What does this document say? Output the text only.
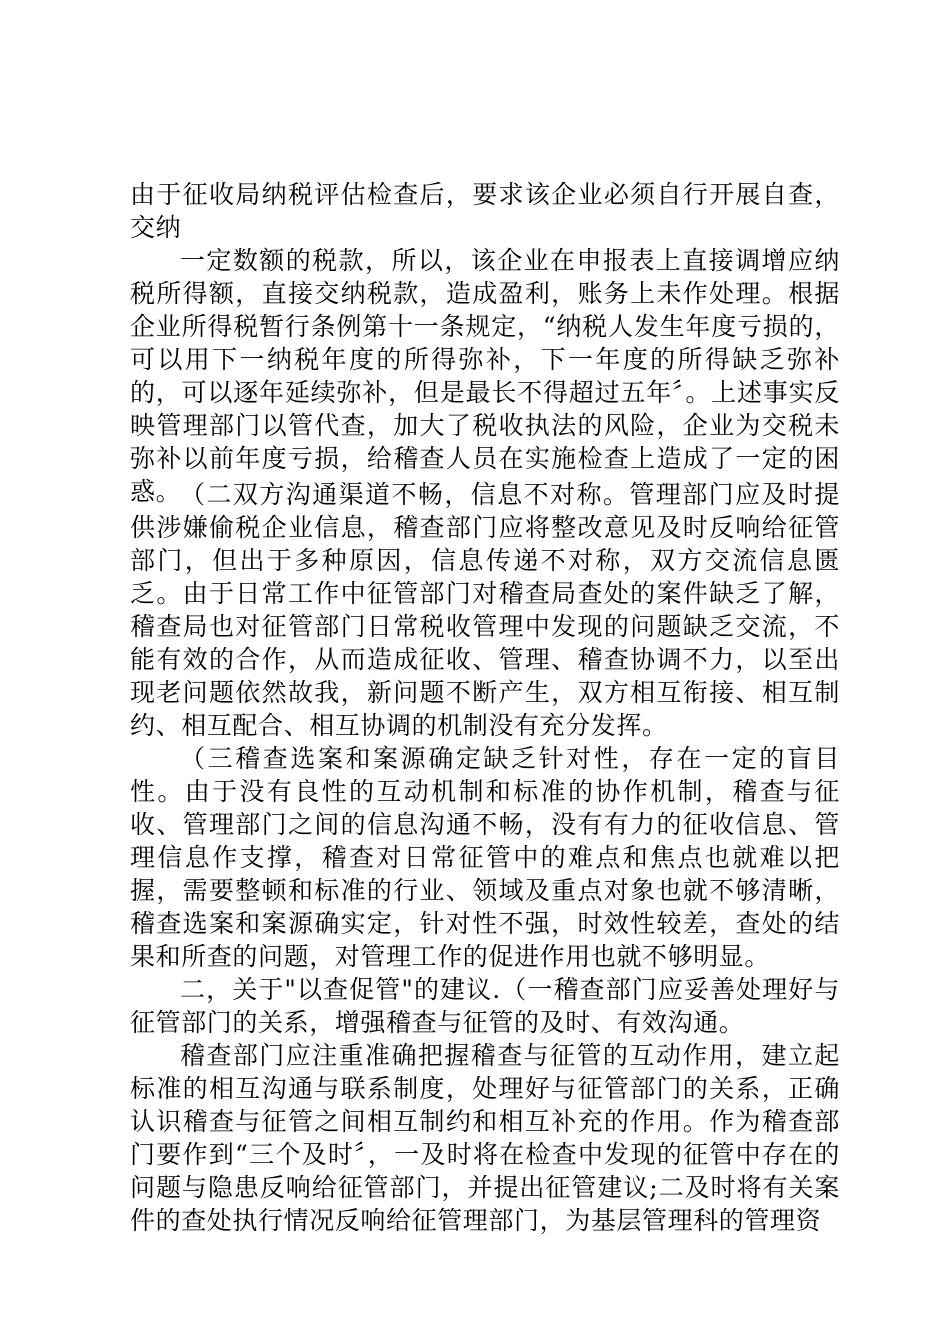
由于征收局纳税评估检查后，要求该企业必须自行开展自查，交纳

一定数额的税款，所以，该企业在申报表上直接调增应纳税所得额，直接交纳税款，造成盈利，账务上未作处理。根据企业所得税暂行条例第十一条规定，“纳税人发生年度亏损的，可以用下一纳税年度的所得弥补，下一年度的所得缺乏弥补的，可以逐年延续弥补，但是最长不得超过五年〞。上述事实反映管理部门以管代查，加大了税收执法的风险，企业为交税未弥补以前年度亏损，给稽查人员在实施检查上造成了一定的困惑。

（二双方沟通渠道不畅，信息不对称。管理部门应及时提供涉嫌偷税企业信息，稽查部门应将整改意见及时反响给征管部门，但出于多种原因，信息传递不对称，双方交流信息匮乏。由于日常工作中征管部门对稽查局查处的案件缺乏了解，稽查局也对征管部门日常税收管理中发现的问题缺乏交流，不能有效的合作，从而造成征收、管理、稽查协调不力，以至出现老问题依然故我，新问题不断产生，双方相互衔接、相互制约、相互配合、相互协调的机制没有充分发挥。

（三稽查选案和案源确定缺乏针对性，存在一定的盲目性。由于没有良性的互动机制和标准的协作机制，稽查与征收、管理部门之间的信息沟通不畅，没有有力的征收信息、管理信息作支撑，稽查对日常征管中的难点和焦点也就难以把握，需要整顿和标准的行业、领域及重点对象也就不够清晰，稽查选案和案源确实定，针对性不强，时效性较差，查处的结果和所查的问题，对管理工作的促进作用也就不够明显。

二，关于"以查促管"的建议.（一稽查部门应妥善处理好与征管部门的关系，增强稽查与征管的及时、有效沟通。

稽查部门应注重准确把握稽查与征管的互动作用，建立起标准的相互沟通与联系制度，处理好与征管部门的关系，正确认识稽查与征管之间相互制约和相互补充的作用。作为稽查部门要作到“三个及时〞，一及时将在检查中发现的征管中存在的问题与隐患反响给征管部门，并提出征管建议;二及时将有关案件的查处执行情况反响给征管理部门，为基层管理科的管理资
